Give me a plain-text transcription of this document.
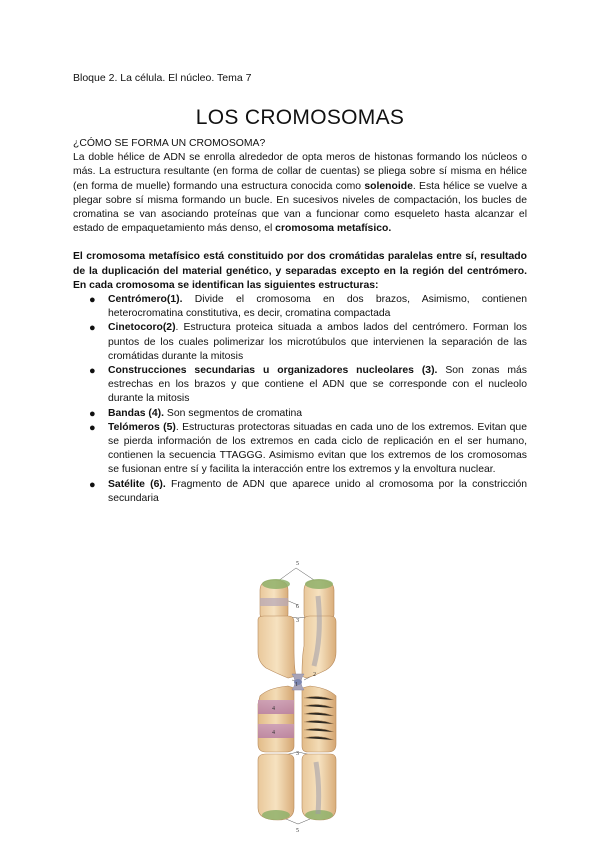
Bloque 2. La célula. El núcleo. Tema 7
LOS CROMOSOMAS

¿CÓMO SE FORMA UN CROMOSOMA?

La doble hélice de ADN se enrolla alrededor de opta meros de histonas formando los núcleos o más. La estructura resultante (en forma de collar de cuentas) se pliega sobre sí misma en hélice (en forma de muelle) formando una estructura conocida como solenoide. Esta hélice se vuelve a plegar sobre sí misma formando un bucle. En sucesivos niveles de compactación, los bucles de cromatina se van asociando proteínas que van a funcionar como esqueleto hasta alcanzar el estado de empaquetamiento más denso, el cromosoma metafísico.

El cromosoma metafísico está constituido por dos cromátidas paralelas entre sí, resultado de la duplicación del material genético, y separadas excepto en la región del centrómero. En cada cromosoma se identifican las siguientes estructuras:

● Centrómero(1). Divide el cromosoma en dos brazos, Asimismo, contienen heterocromatina constitutiva, es decir, cromatina compactada
● Cinetocoro(2). Estructura proteica situada a ambos lados del centrómero. Forman los puntos de los cuales polimerizar los microtúbulos que intervienen la separación de las cromátidas durante la mitosis
● Construcciones secundarias u organizadores nucleolares (3). Son zonas más estrechas en los brazos y que contiene el ADN que se corresponde con el nucleolo durante la mitosis
● Bandas (4). Son segmentos de cromatina
● Telómeros (5). Estructuras protectoras situadas en cada uno de los extremos. Evitan que se pierda información de los extremos en cada ciclo de replicación en el ser humano, contienen la secuencia TTAGGG. Asimismo evitan que los extremos de los cromosomas se fusionan entre sí y facilita la interacción entre los extremos y la envoltura nuclear.
● Satélite (6). Fragmento de ADN que aparece unido al cromosoma por la constricción secundaria
5
6
3
1
2
4
4
3
5
